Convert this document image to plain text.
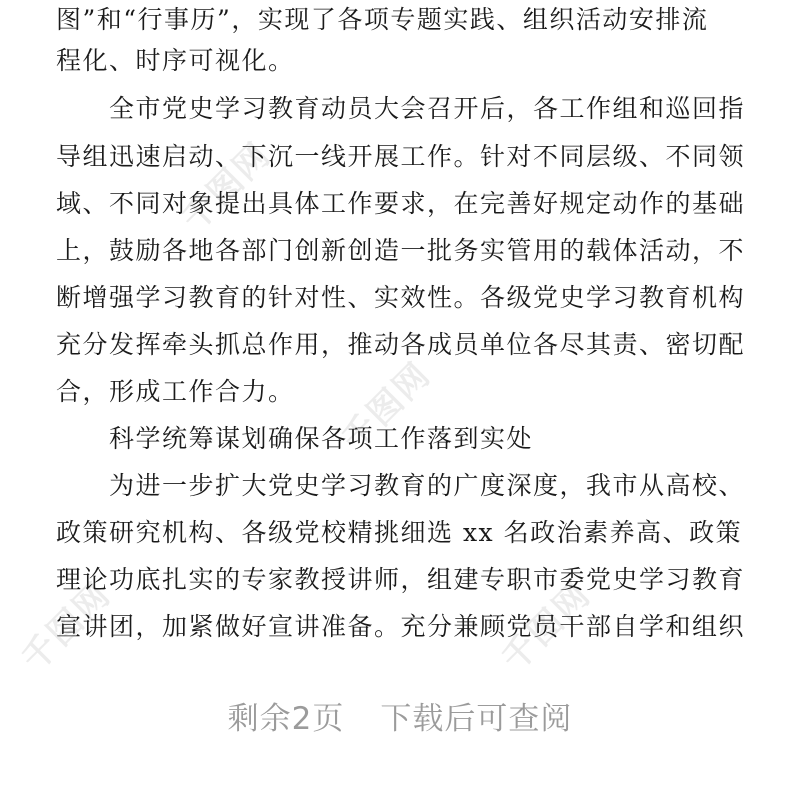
千图网
千图网
千图网
千图网
图”和“行事历”，实现了各项专题实践、组织活动安排流
程化、时序可视化。
　　全市党史学习教育动员大会召开后，各工作组和巡回指
导组迅速启动、下沉一线开展工作。针对不同层级、不同领
域、不同对象提出具体工作要求，在完善好规定动作的基础
上，鼓励各地各部门创新创造一批务实管用的载体活动，不
断增强学习教育的针对性、实效性。各级党史学习教育机构
充分发挥牵头抓总作用，推动各成员单位各尽其责、密切配
合，形成工作合力。
　　科学统筹谋划确保各项工作落到实处
　　为进一步扩大党史学习教育的广度深度，我市从高校、
政策研究机构、各级党校精挑细选 xx 名政治素养高、政策
理论功底扎实的专家教授讲师，组建专职市委党史学习教育
宣讲团，加紧做好宣讲准备。充分兼顾党员干部自学和组织
剩余2页 下载后可查阅
